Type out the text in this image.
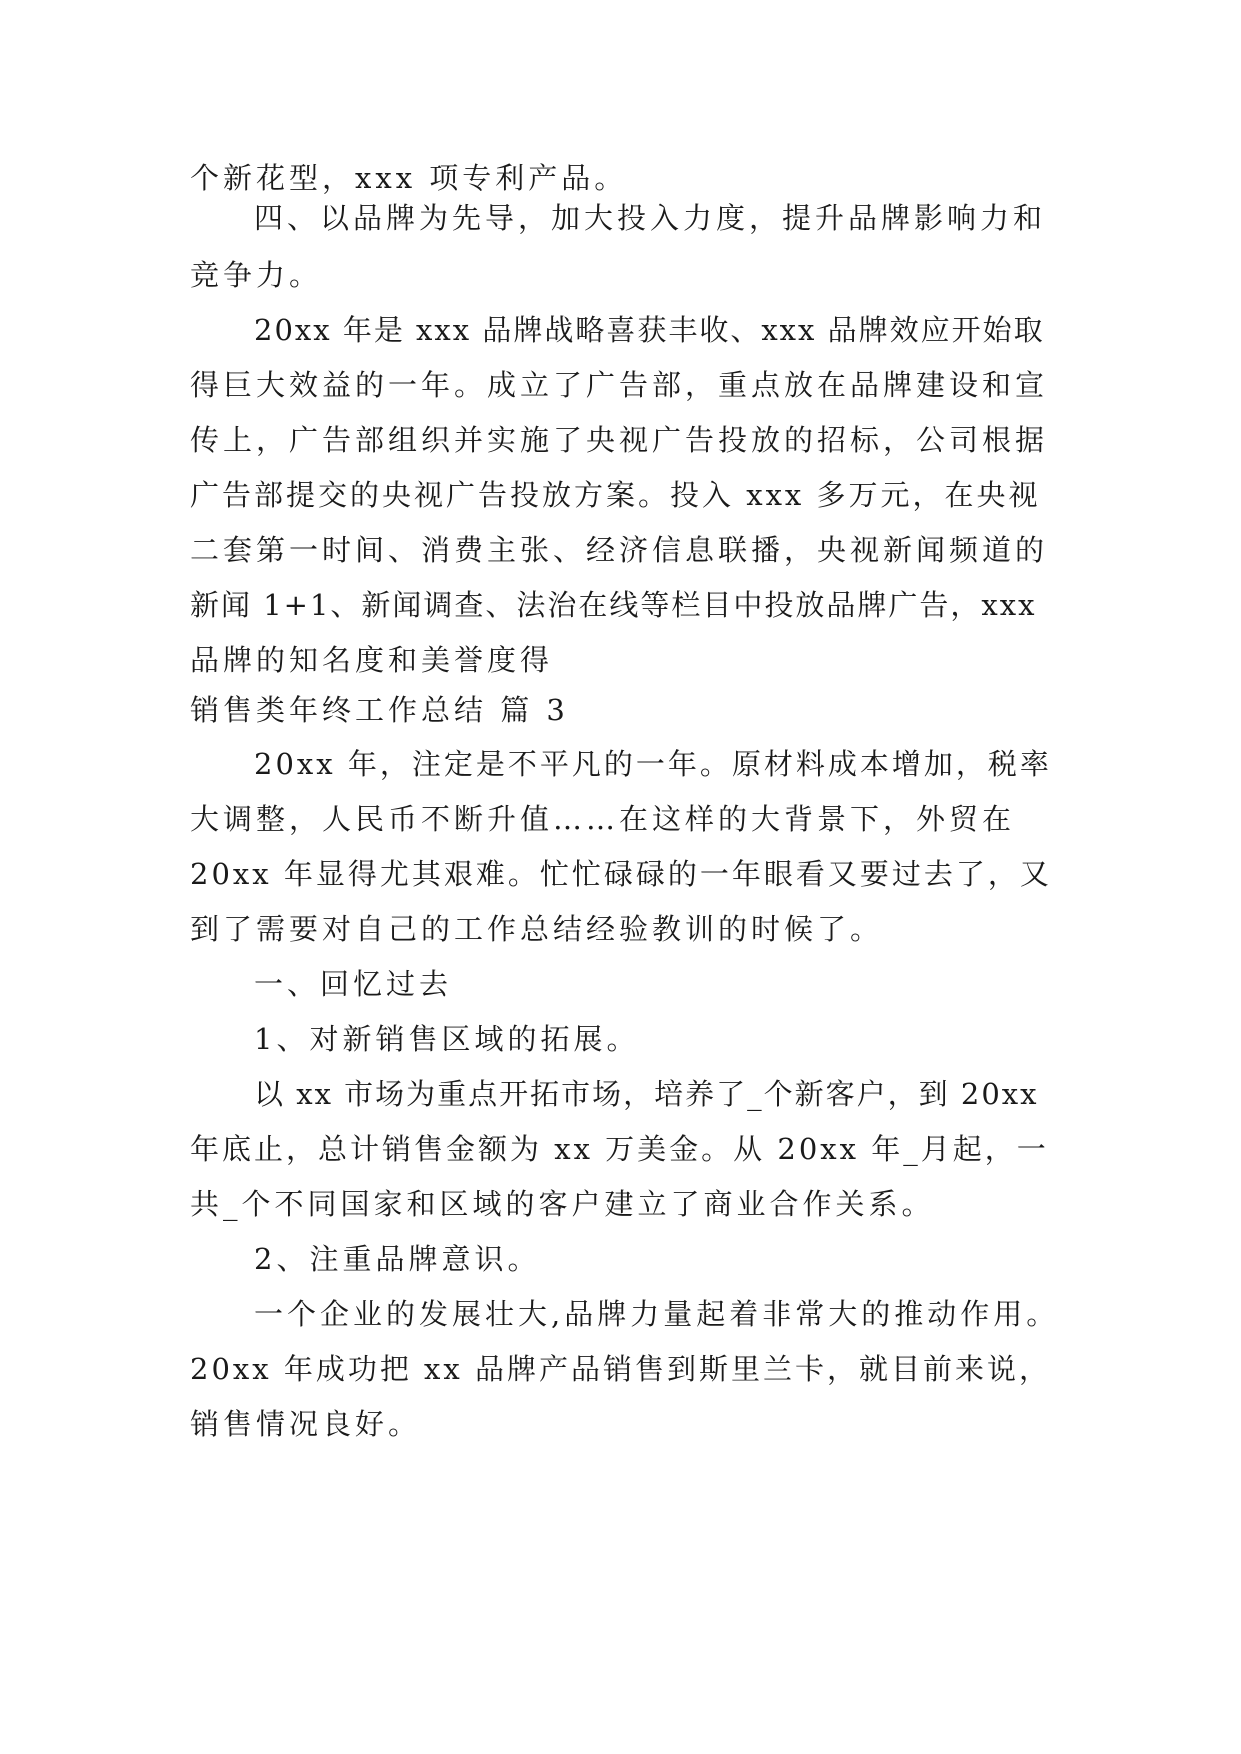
个新花型，xxx 项专利产品。
四、以品牌为先导，加大投入力度，提升品牌影响力和
竞争力。
20xx 年是 xxx 品牌战略喜获丰收、xxx 品牌效应开始取
得巨大效益的一年。成立了广告部，重点放在品牌建设和宣
传上，广告部组织并实施了央视广告投放的招标，公司根据
广告部提交的央视广告投放方案。投入 xxx 多万元，在央视
二套第一时间、消费主张、经济信息联播，央视新闻频道的
新闻 1+1、新闻调查、法治在线等栏目中投放品牌广告，xxx
品牌的知名度和美誉度得
销售类年终工作总结 篇 3
20xx 年，注定是不平凡的一年。原材料成本增加，税率
大调整，人民币不断升值……在这样的大背景下，外贸在
20xx 年显得尤其艰难。忙忙碌碌的一年眼看又要过去了，又
到了需要对自己的工作总结经验教训的时候了。
一、回忆过去
1、对新销售区域的拓展。
以 xx 市场为重点开拓市场，培养了_个新客户，到 20xx
年底止，总计销售金额为 xx 万美金。从 20xx 年_月起，一
共_个不同国家和区域的客户建立了商业合作关系。
2、注重品牌意识。
一个企业的发展壮大,品牌力量起着非常大的推动作用。
20xx 年成功把 xx 品牌产品销售到斯里兰卡，就目前来说，
销售情况良好。
